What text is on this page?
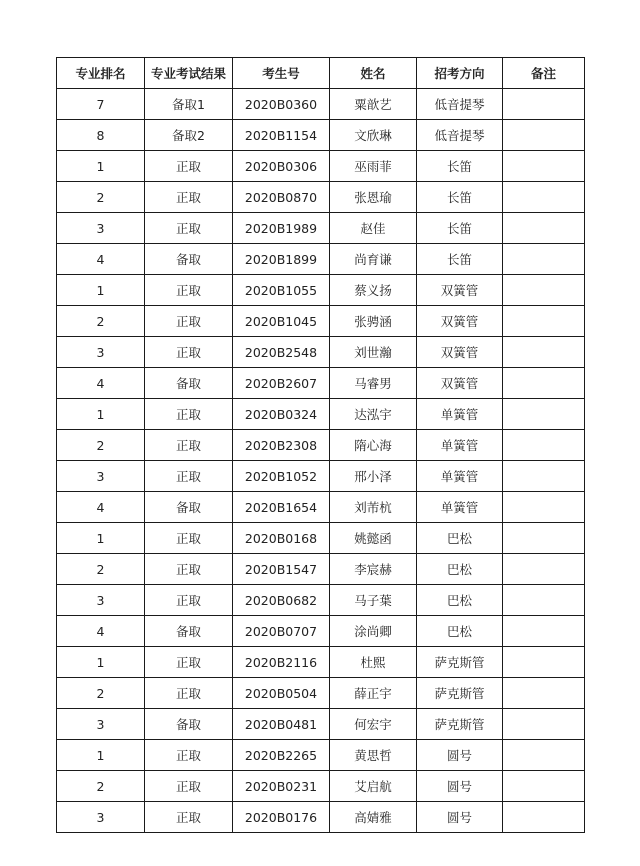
专业排名	专业考试结果	考生号	姓名	招考方向	备注
7	备取1	2020B0360	粟歆艺	低音提琴	
8	备取2	2020B1154	文欣琳	低音提琴	
1	正取	2020B0306	巫雨菲	长笛	
2	正取	2020B0870	张恩瑜	长笛	
3	正取	2020B1989	赵佳	长笛	
4	备取	2020B1899	尚育谦	长笛	
1	正取	2020B1055	蔡义扬	双簧管	
2	正取	2020B1045	张骋涵	双簧管	
3	正取	2020B2548	刘世瀚	双簧管	
4	备取	2020B2607	马睿男	双簧管	
1	正取	2020B0324	达泓宇	单簧管	
2	正取	2020B2308	隋心海	单簧管	
3	正取	2020B1052	邢小泽	单簧管	
4	备取	2020B1654	刘芾杭	单簧管	
1	正取	2020B0168	姚懿函	巴松	
2	正取	2020B1547	李宸赫	巴松	
3	正取	2020B0682	马子葉	巴松	
4	备取	2020B0707	涂尚卿	巴松	
1	正取	2020B2116	杜熙	萨克斯管	
2	正取	2020B0504	薛正宇	萨克斯管	
3	备取	2020B0481	何宏宇	萨克斯管	
1	正取	2020B2265	黄思哲	圆号	
2	正取	2020B0231	艾启航	圆号	
3	正取	2020B0176	高婧雅	圆号	
